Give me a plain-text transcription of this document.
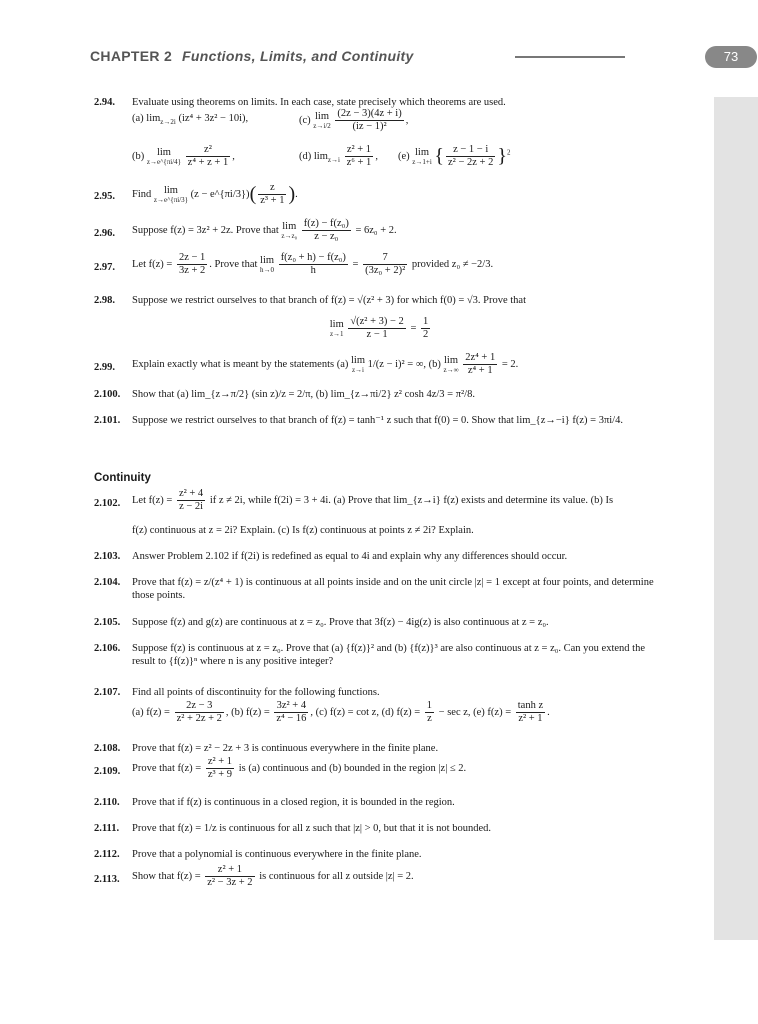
CHAPTER 2 Functions, Limits, and Continuity	73
2.94. Evaluate using theorems on limits. In each case, state precisely which theorems are used.
(a) $\lim_{z\to 2i} (iz^4 + 3z^2 - 10i)$,	(c) lim
z→i/2
$\frac{(2z - 3)(4z + i)}{\text{(iz − 1)²}}$ ,
(b)	lim
z→e^{πi/4}
$\frac{\text{z²}}{\text{z⁴ + z + 1}}$ ,	(d) $\lim_{z\to i} \frac{\text{z² + 1}}{\text{z⁶ + 1}}$ ,	(e) lim
z→1+i { $\frac{z - 1 - i}{\text{z² − 2z + 2}} \}^2$
2.95. Find	lim
z→e^{πi/3}
(z − e^{πi/3})( $\frac{z}{\text{z³ + 1}}$ ).
2.96. Suppose f(z) = 3z² + 2z. Prove that lim
z→z₀
$\frac{\text{f(z) − f(z₀)}}{\text{z − z₀}} = 6z_0 + 2$.
2.97. Let $f(z) = \frac{2z - 1}{3z + 2}$ . Prove that lim
h→0
$\frac{\text{f(z₀ + h) − f(z₀)}}{h} = \frac{7}{\text{(3z₀ + 2)²}}$ provided z₀ ≠ −2/3.
2.98. Suppose we restrict ourselves to that branch of f(z) = √(z² + 3) for which f(0) = √3. Prove that
lim
z→1
$\frac{\text{√(z² + 3) − 2}}{z - 1} = \frac{1}{2}$
2.99. Explain exactly what is meant by the statements (a) lim
z→i
1/(z − i)² = ∞, (b) lim
z→∞
$\frac{\text{2z⁴ + 1}}{\text{z⁴ + 1}} = 2$.
2.100. Show that (a) lim_{z→π/2} (sin z)/z = 2/π, (b) lim_{z→πi/2} z² cosh 4z/3 = π²/8.
2.101. Suppose we restrict ourselves to that branch of f(z) = tanh⁻¹ z such that f(0) = 0. Show that lim_{z→−i} f(z) = 3πi/4.
Continuity
2.102. Let $f(z) = \frac{\text{z² + 4}}{z - 2i}$ if z ≠ 2i, while f(2i) = 3 + 4i. (a) Prove that lim_{z→i} f(z) exists and determine its value. (b) Is
f(z) continuous at z = 2i? Explain. (c) Is f(z) continuous at points z ≠ 2i? Explain.
2.103. Answer Problem 2.102 if f(2i) is redefined as equal to 4i and explain why any differences should occur.
2.104. Prove that f(z) = z/(z⁴ + 1) is continuous at all points inside and on the unit circle |z| = 1 except at four points, and determine those points.
2.105. Suppose f(z) and g(z) are continuous at z = z₀. Prove that 3f(z) − 4ig(z) is also continuous at z = z₀.
2.106. Suppose f(z) is continuous at z = z₀. Prove that (a) {f(z)}² and (b) {f(z)}³ are also continuous at z = z₀. Can you extend the result to {f(z)}ⁿ where n is any positive integer?
2.107. Find all points of discontinuity for the following functions.
(a) $f(z) = \frac{2z - 3}{\text{z² + 2z + 2}}$ , (b) $f(z) = \frac{\text{3z² + 4}}{\text{z⁴ − 16}}$ , (c) f(z) = cot z, (d) $f(z) = \frac{1}{z} - \sec z$, (e) $f(z) = \frac{\text{tanh z}}{\text{z² + 1}}$ .
2.108. Prove that f(z) = z² − 2z + 3 is continuous everywhere in the finite plane.
2.109. Prove that $f(z) = \frac{\text{z² + 1}}{\text{z³ + 9}}$ is (a) continuous and (b) bounded in the region |z| ≤ 2.
2.110. Prove that if f(z) is continuous in a closed region, it is bounded in the region.
2.111. Prove that f(z) = 1/z is continuous for all z such that |z| > 0, but that it is not bounded.
2.112. Prove that a polynomial is continuous everywhere in the finite plane.
2.113. Show that $f(z) = \frac{\text{z² + 1}}{\text{z² − 3z + 2}}$ is continuous for all z outside |z| = 2.
